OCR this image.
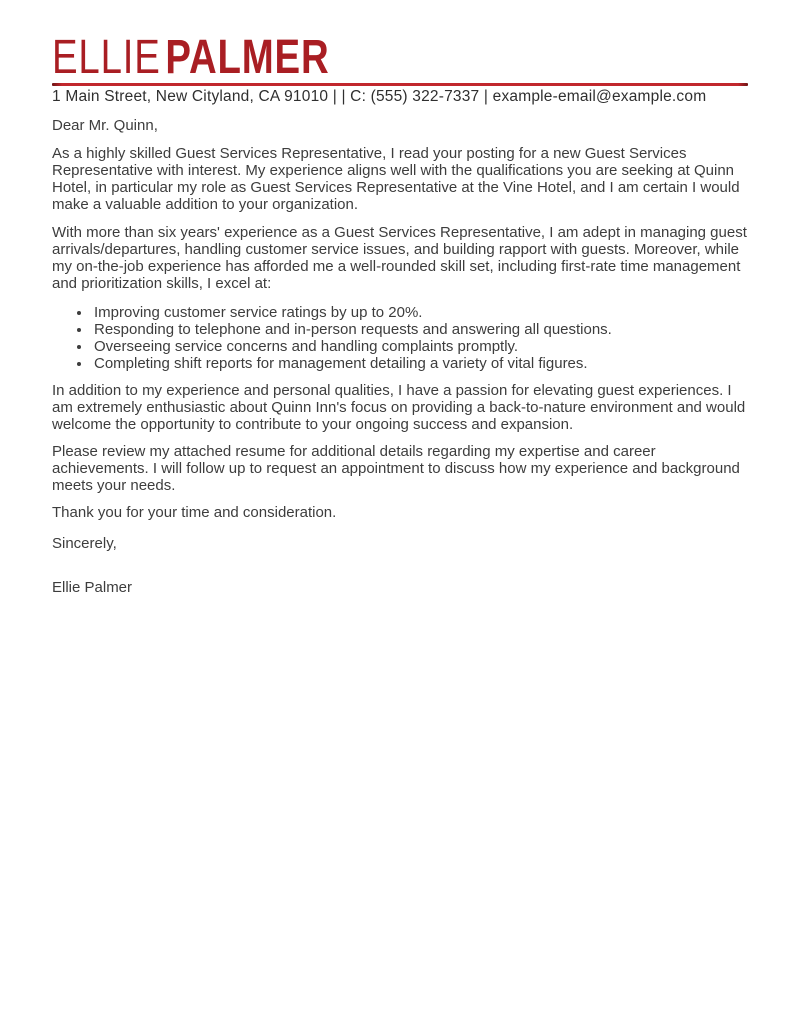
ELLIE PALMER
1 Main Street, New Cityland, CA 91010 | | C: (555) 322-7337 | example-email@example.com

Dear Mr. Quinn,

As a highly skilled Guest Services Representative, I read your posting for a new Guest Services Representative with interest. My experience aligns well with the qualifications you are seeking at Quinn Hotel, in particular my role as Guest Services Representative at the Vine Hotel, and I am certain I would make a valuable addition to your organization.

With more than six years' experience as a Guest Services Representative, I am adept in managing guest arrivals/departures, handling customer service issues, and building rapport with guests. Moreover, while my on-the-job experience has afforded me a well-rounded skill set, including first-rate time management and prioritization skills, I excel at:

• Improving customer service ratings by up to 20%.
• Responding to telephone and in-person requests and answering all questions.
• Overseeing service concerns and handling complaints promptly.
• Completing shift reports for management detailing a variety of vital figures.

In addition to my experience and personal qualities, I have a passion for elevating guest experiences. I am extremely enthusiastic about Quinn Inn's focus on providing a back-to-nature environment and would welcome the opportunity to contribute to your ongoing success and expansion.

Please review my attached resume for additional details regarding my expertise and career achievements. I will follow up to request an appointment to discuss how my experience and background meets your needs.

Thank you for your time and consideration.

Sincerely,

Ellie Palmer
